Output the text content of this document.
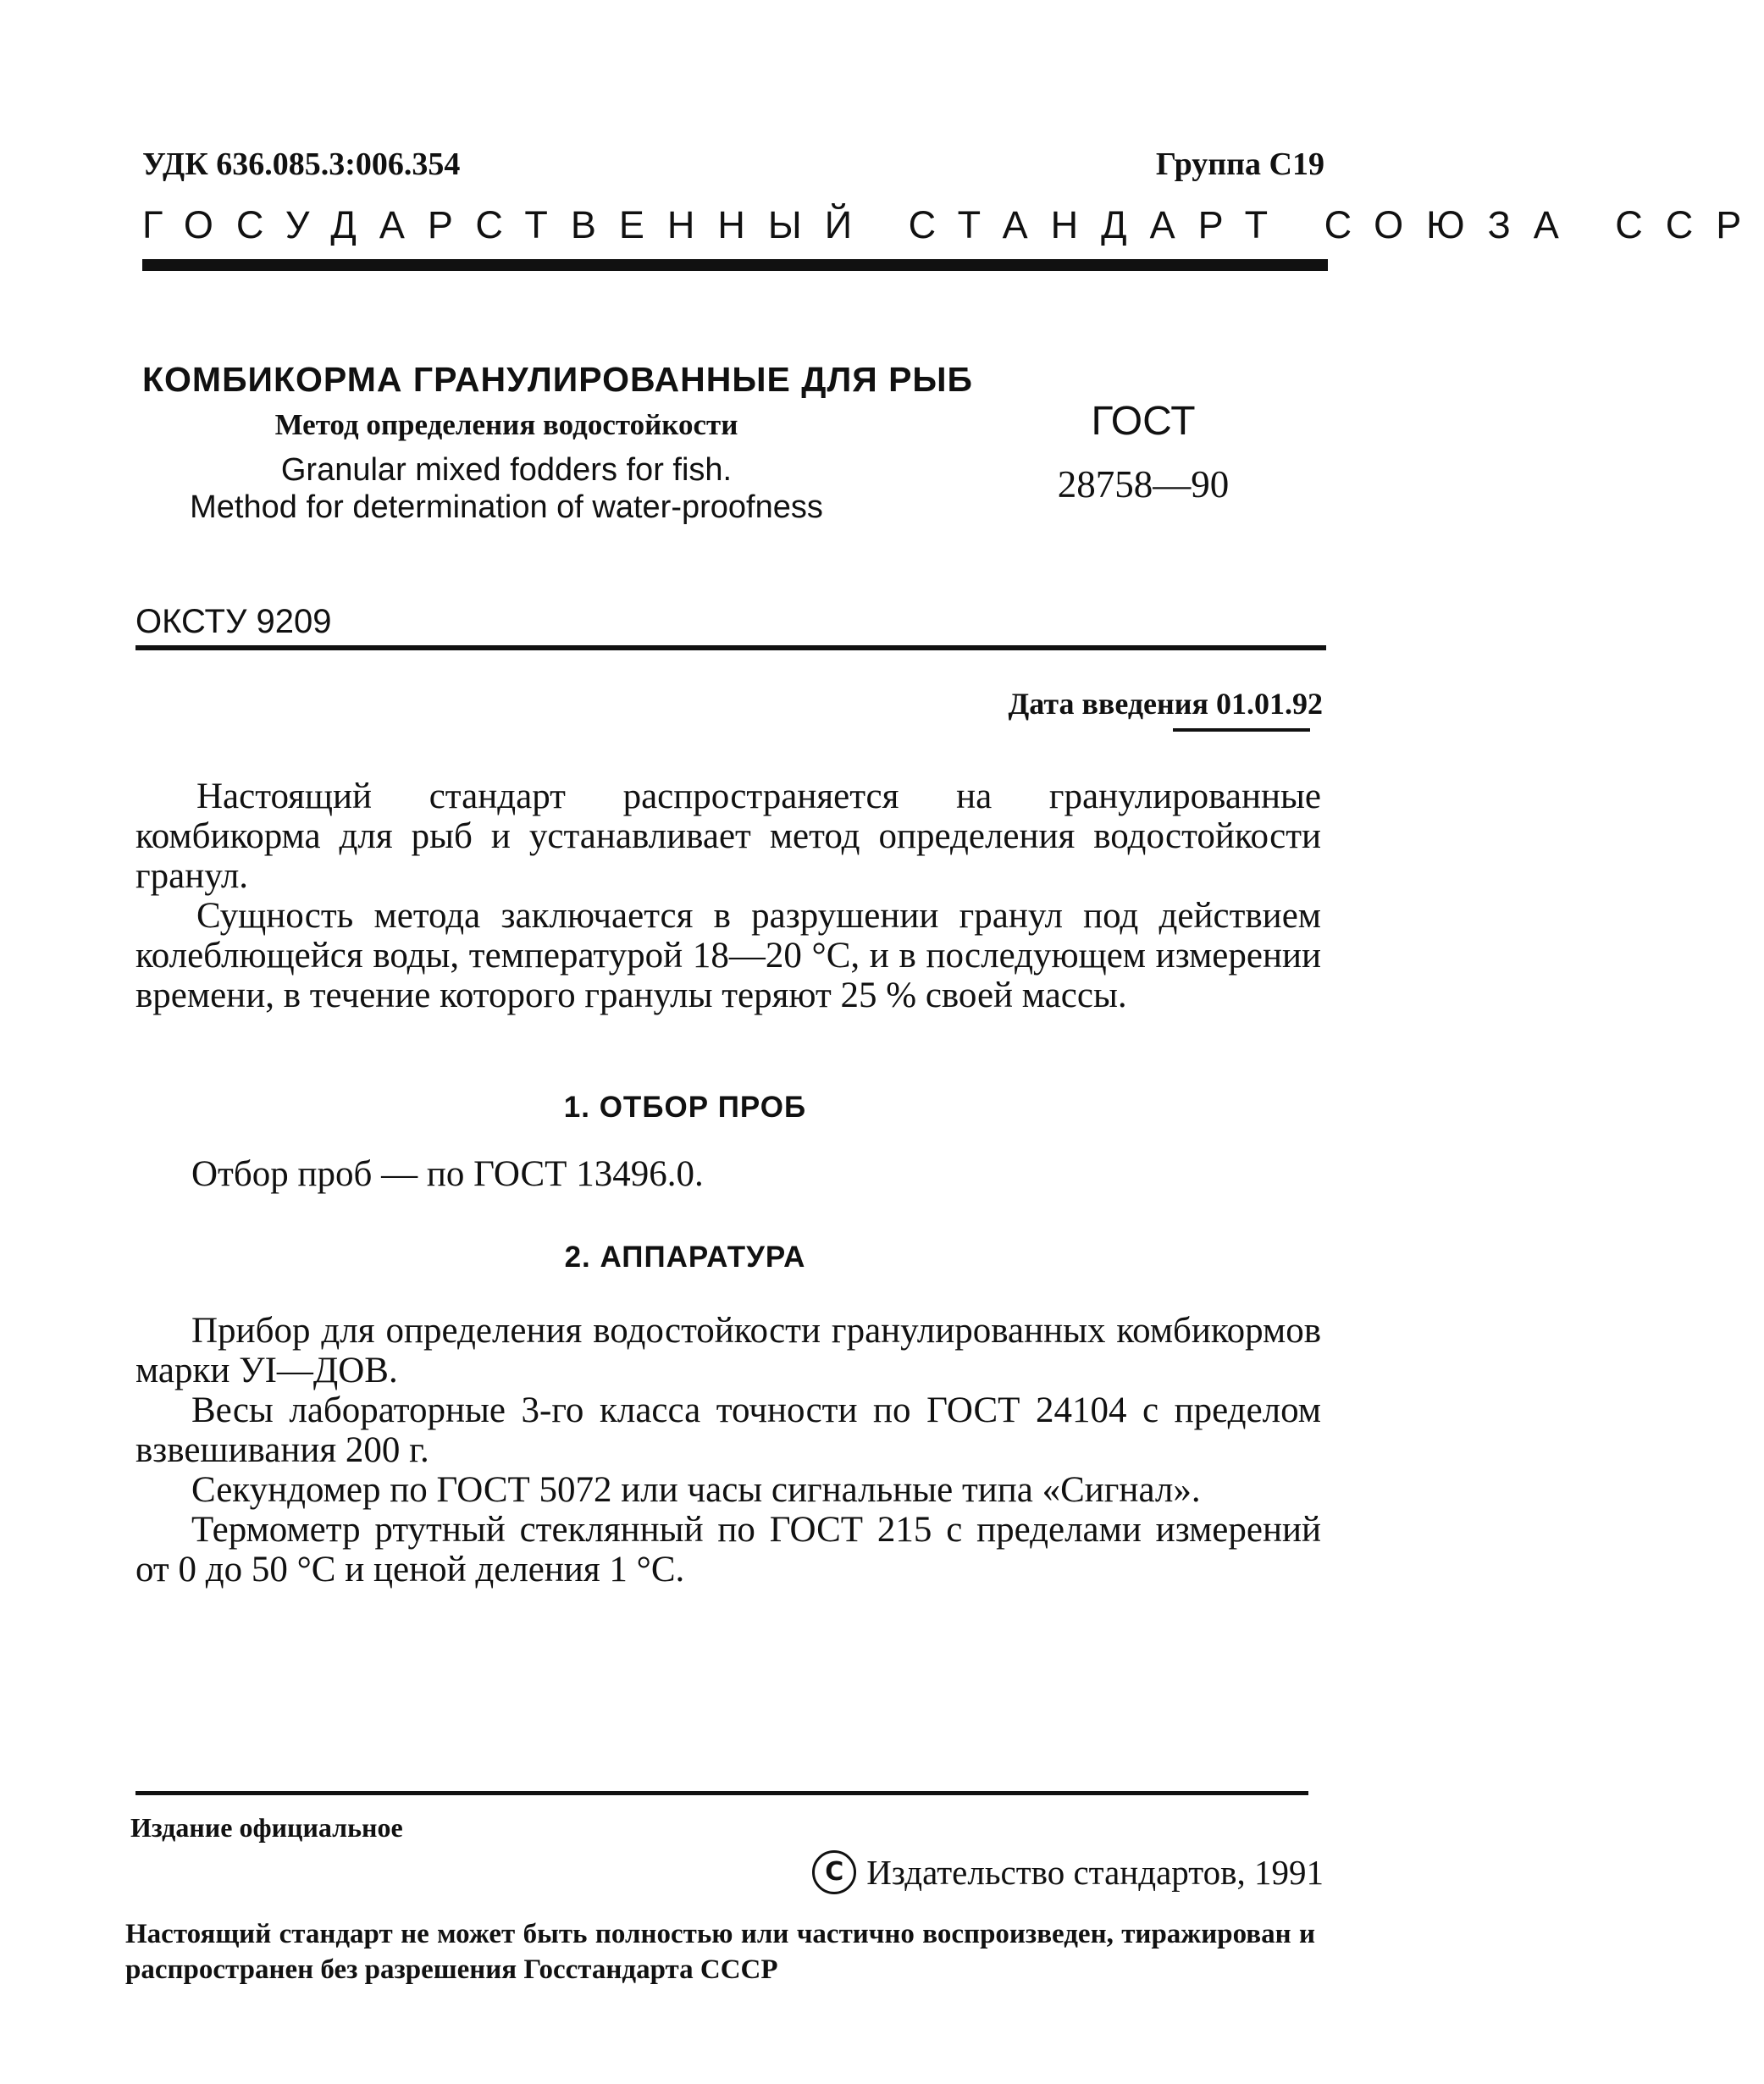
УДК 636.085.3:006.354	Группа С19
ГОСУДАРСТВЕННЫЙ СТАНДАРТ СОЮЗА ССР
КОМБИКОРМА ГРАНУЛИРОВАННЫЕ ДЛЯ РЫБ
Метод определения водостойкости
Granular mixed fodders for fish.
Method for determination of water-proofness
ГОСТ
28758—90
ОКСТУ 9209
Дата введения 01.01.92
Настоящий стандарт распространяется на гранулированные комбикорма для рыб и устанавливает метод определения водостойкости гранул.
Сущность метода заключается в разрушении гранул под действием колеблющейся воды, температурой 18—20 °С, и в последующем измерении времени, в течение которого гранулы теряют 25 % своей массы.
1. ОТБОР ПРОБ
Отбор проб — по ГОСТ 13496.0.
2. АППАРАТУРА

Прибор для определения водостойкости гранулированных комбикормов марки УI—ДОВ.

Весы лабораторные 3-го класса точности по ГОСТ 24104 с пределом взвешивания 200 г.

Секундомер по ГОСТ 5072 или часы сигнальные типа «Сигнал».

Термометр ртутный стеклянный по ГОСТ 215 с пределами измерений от 0 до 50 °С и ценой деления 1 °С.

Издание официальное
C Издательство стандартов, 1991
Настоящий стандарт не может быть полностью или частично воспроизведен, тиражирован и распространен без разрешения Госстандарта СССР
